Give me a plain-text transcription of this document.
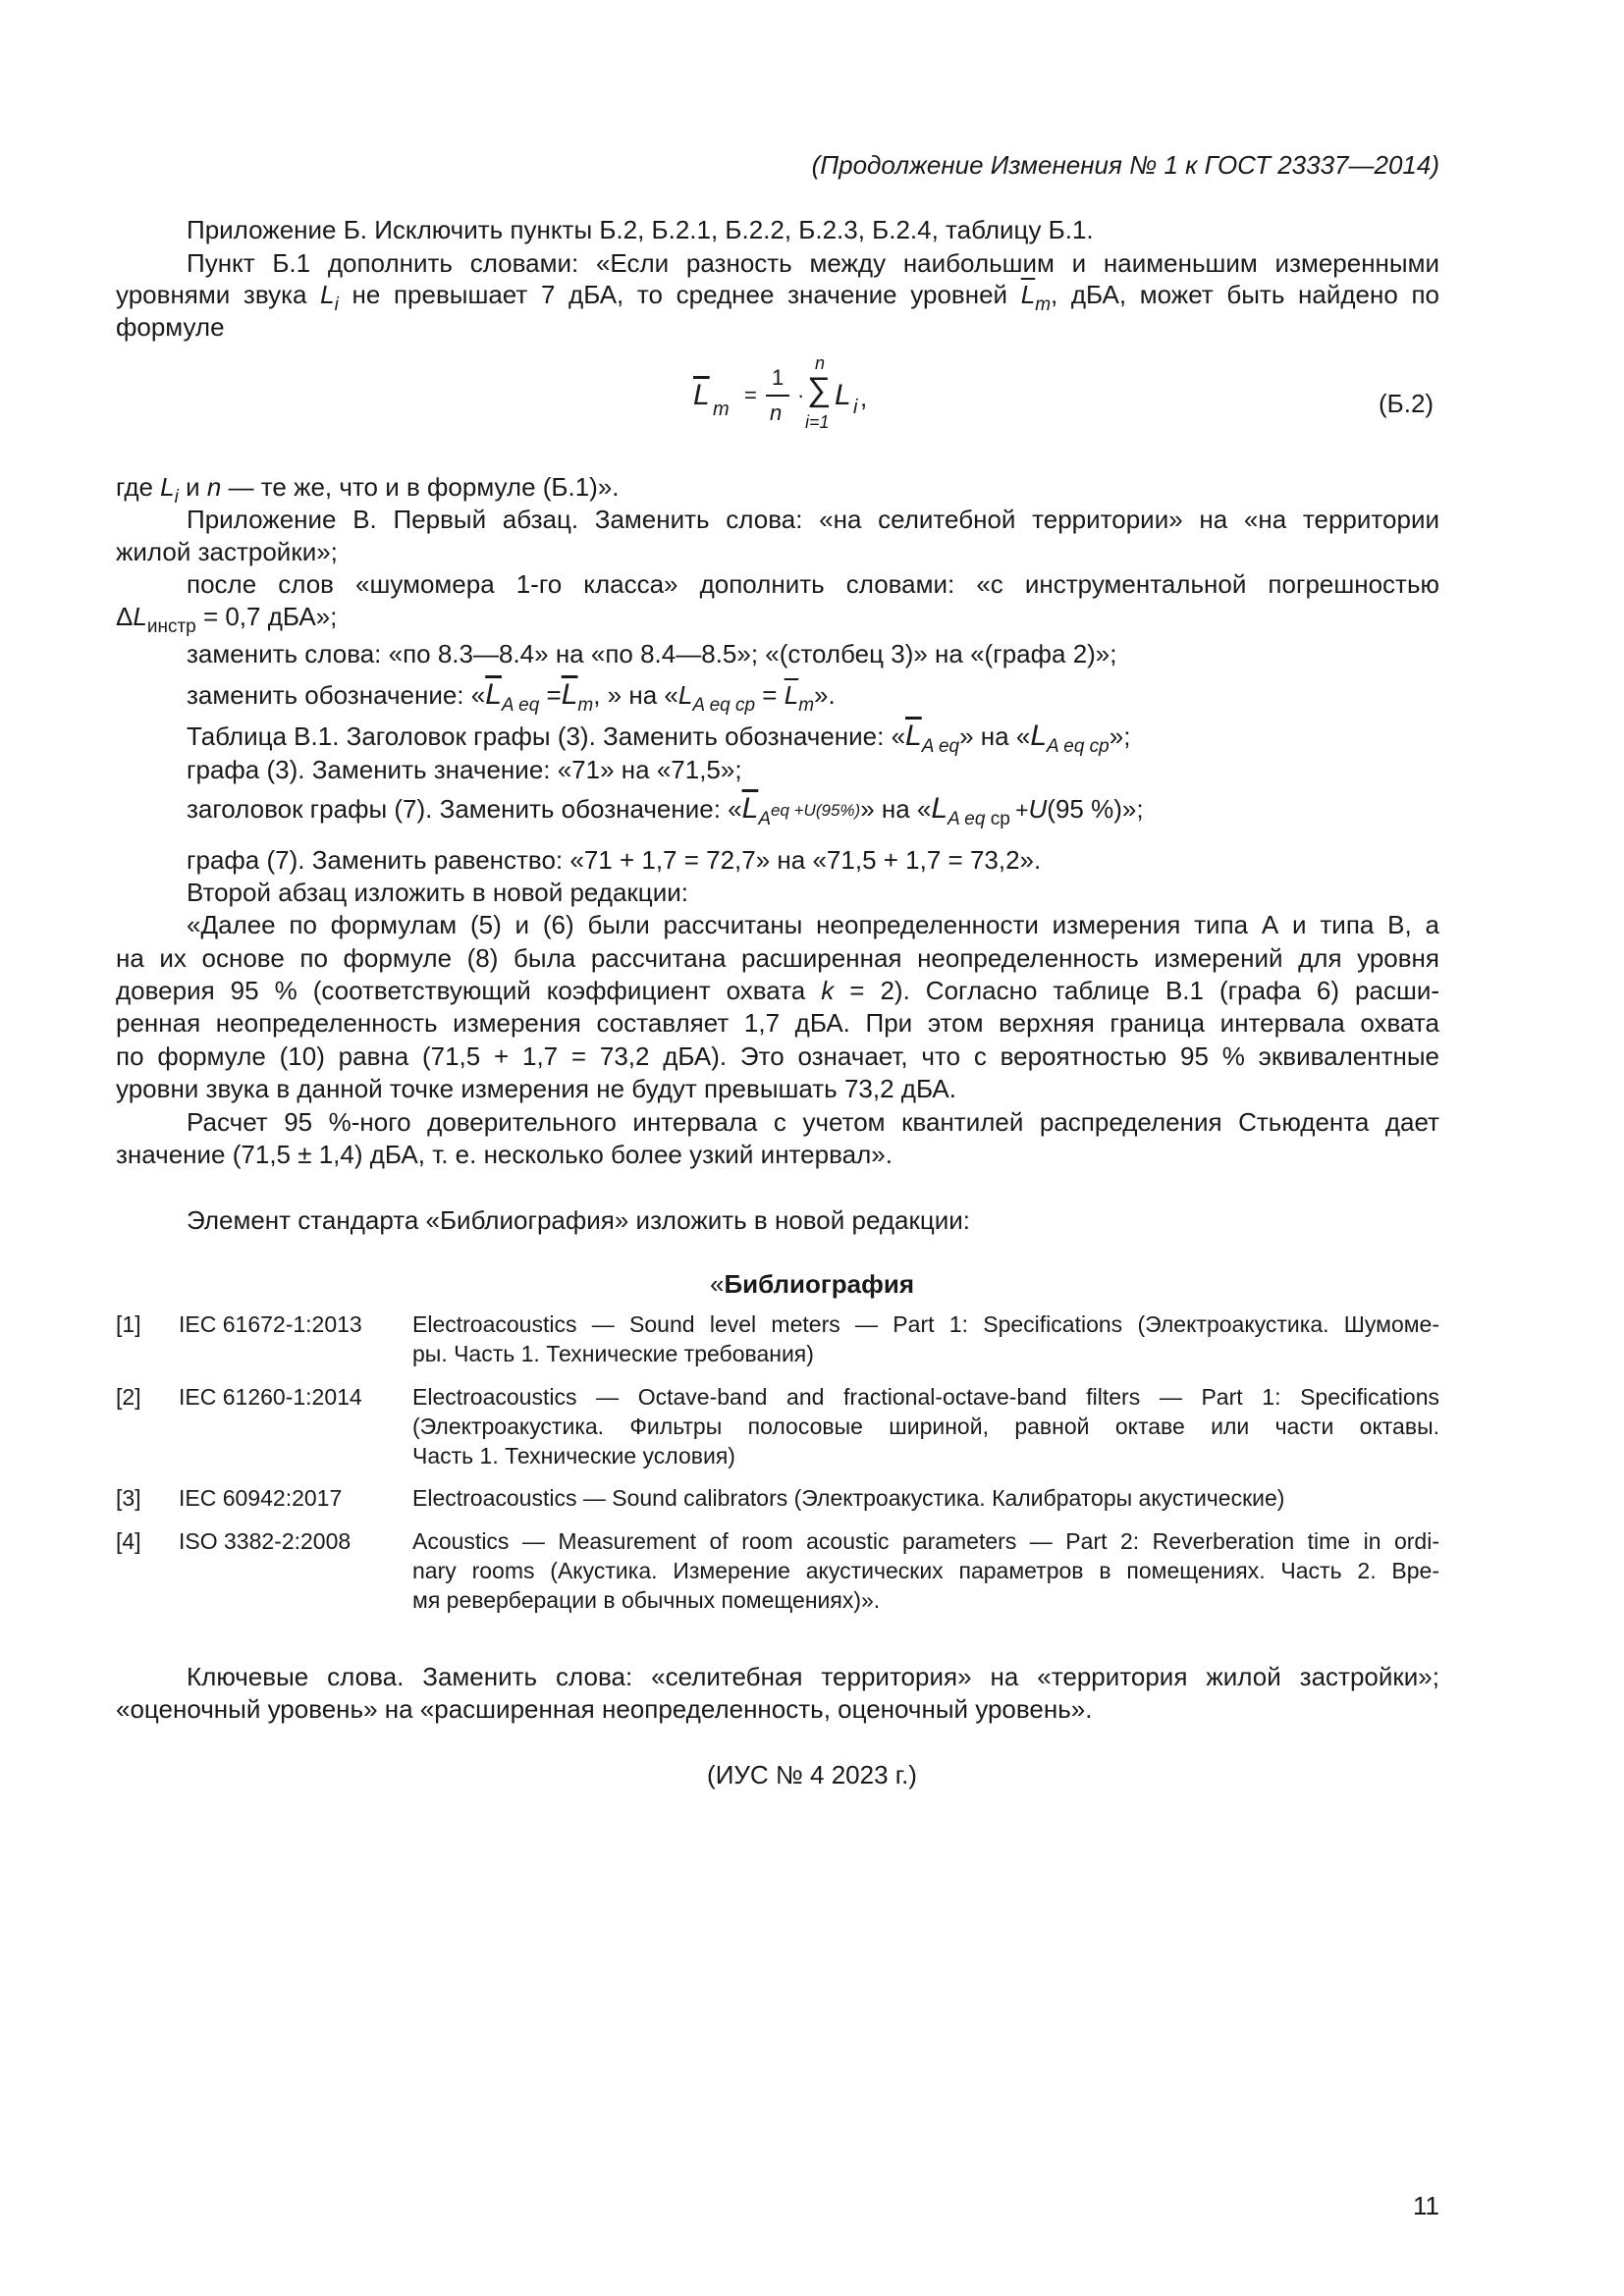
(Продолжение Изменения № 1 к ГОСТ 23337—2014)
Приложение Б. Исключить пункты Б.2, Б.2.1, Б.2.2, Б.2.3, Б.2.4, таблицу Б.1.
Пункт Б.1 дополнить словами: «Если разность между наибольшим и наименьшим измеренными
уровнями звука $L_i$ не превышает 7 дБА, то среднее значение уровней $\overline{L}_m$, дБА, может быть найдено по
формуле
$\overline{L}$ m
=
1
n
·
n
∑
i=1
L i ,	(Б.2)
где $L_i$ и n — те же, что и в формуле (Б.1)».
Приложение В. Первый абзац. Заменить слова: «на селитебной территории» на «на территории
жилой застройки»;
после слов «шумомера 1-го класса» дополнить словами: «с инструментальной погрешностью
$\Delta L_{инстр} = 0,7$ дБА»;
заменить слова: «по 8.3—8.4» на «по 8.4—8.5»; «(столбец 3)» на «(графа 2)»;
заменить обозначение: «$\overline{L}_{A eq} =\overline{L}_m$, » на «$L_{A eq ср} = \overline{L}_m$».
Таблица В.1. Заголовок графы (3). Заменить обозначение: «$\overline{L}_{A eq}$» на «$L_{A eq ср}$»;
графа (3). Заменить значение: «71» на «71,5»;
заголовок графы (7). Заменить обозначение: «$\overline{L}_Aeq +U(95\%)$» на «$L_{A eq}$ $_{ср}$ +U(95 %)»;
графа (7). Заменить равенство: «71 + 1,7 = 72,7» на «71,5 + 1,7 = 73,2».
Второй абзац изложить в новой редакции:
«Далее по формулам (5) и (6) были рассчитаны неопределенности измерения типа А и типа В, а
на их основе по формуле (8) была рассчитана расширенная неопределенность измерений для уровня
доверия 95 % (соответствующий коэффициент охвата k = 2). Согласно таблице В.1 (графа 6) расши-
ренная неопределенность измерения составляет 1,7 дБА. При этом верхняя граница интервала охвата
по формуле (10) равна (71,5 + 1,7 = 73,2 дБА). Это означает, что с вероятностью 95 % эквивалентные
уровни звука в данной точке измерения не будут превышать 73,2 дБА.
Расчет 95 %-ного доверительного интервала с учетом квантилей распределения Стьюдента дает
значение (71,5 ± 1,4) дБА, т. е. несколько более узкий интервал».
Элемент стандарта «Библиография» изложить в новой редакции:
«Библиография
[1] IEC 61672-1:2013 Electroacoustics — Sound level meters — Part 1: Specifications (Электроакустика. Шумоме-
ры. Часть 1. Технические требования)
[2] IEC 61260-1:2014 Electroacoustics — Octave-band and fractional-octave-band filters — Part 1: Specifications
(Электроакустика. Фильтры полосовые шириной, равной октаве или части октавы.
Часть 1. Технические условия)
[3] IEC 60942:2017	Electroacoustics — Sound calibrators (Электроакустика. Калибраторы акустические)
[4] ISO 3382-2:2008	Acoustics — Measurement of room acoustic parameters — Part 2: Reverberation time in ordi-
nary rooms (Акустика. Измерение акустических параметров в помещениях. Часть 2. Вре-
мя реверберации в обычных помещениях)».
Ключевые слова. Заменить слова: «селитебная территория» на «территория жилой застройки»;
«оценочный уровень» на «расширенная неопределенность, оценочный уровень».
(ИУС № 4 2023 г.)
11
